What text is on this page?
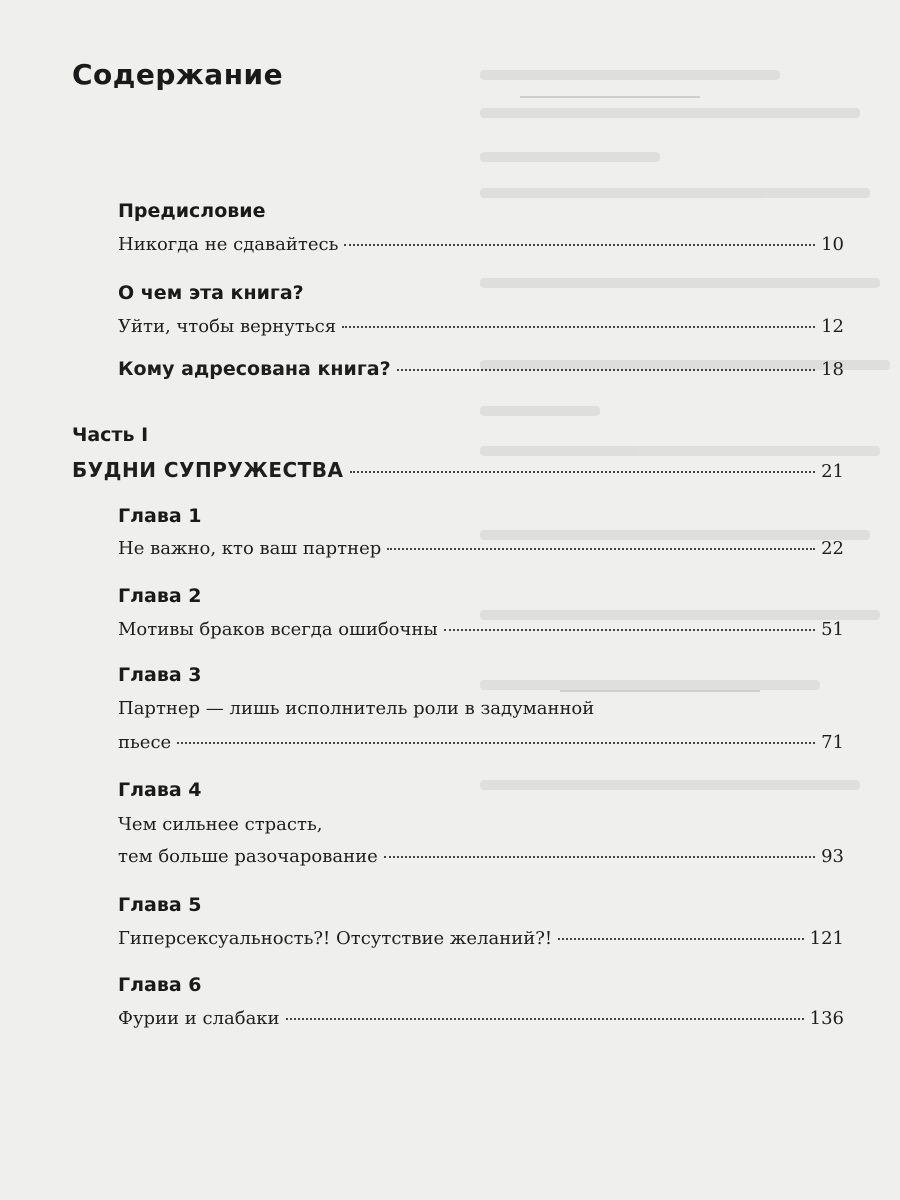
Содержание
Предисловие
Никогда не сдавайтесь	10
О чем эта книга?
Уйти, чтобы вернуться	12
Кому адресована книга?	18
Часть I
БУДНИ СУПРУЖЕСТВА	21
Глава 1
Не важно, кто ваш партнер	22
Глава 2
Мотивы браков всегда ошибочны	51
Глава 3
Партнер — лишь исполнитель роли в задуманной
пьесе	71
Глава 4
Чем сильнее страсть,
тем больше разочарование	93
Глава 5
Гиперсексуальность?! Отсутствие желаний?!	121
Глава 6
Фурии и слабаки	136
